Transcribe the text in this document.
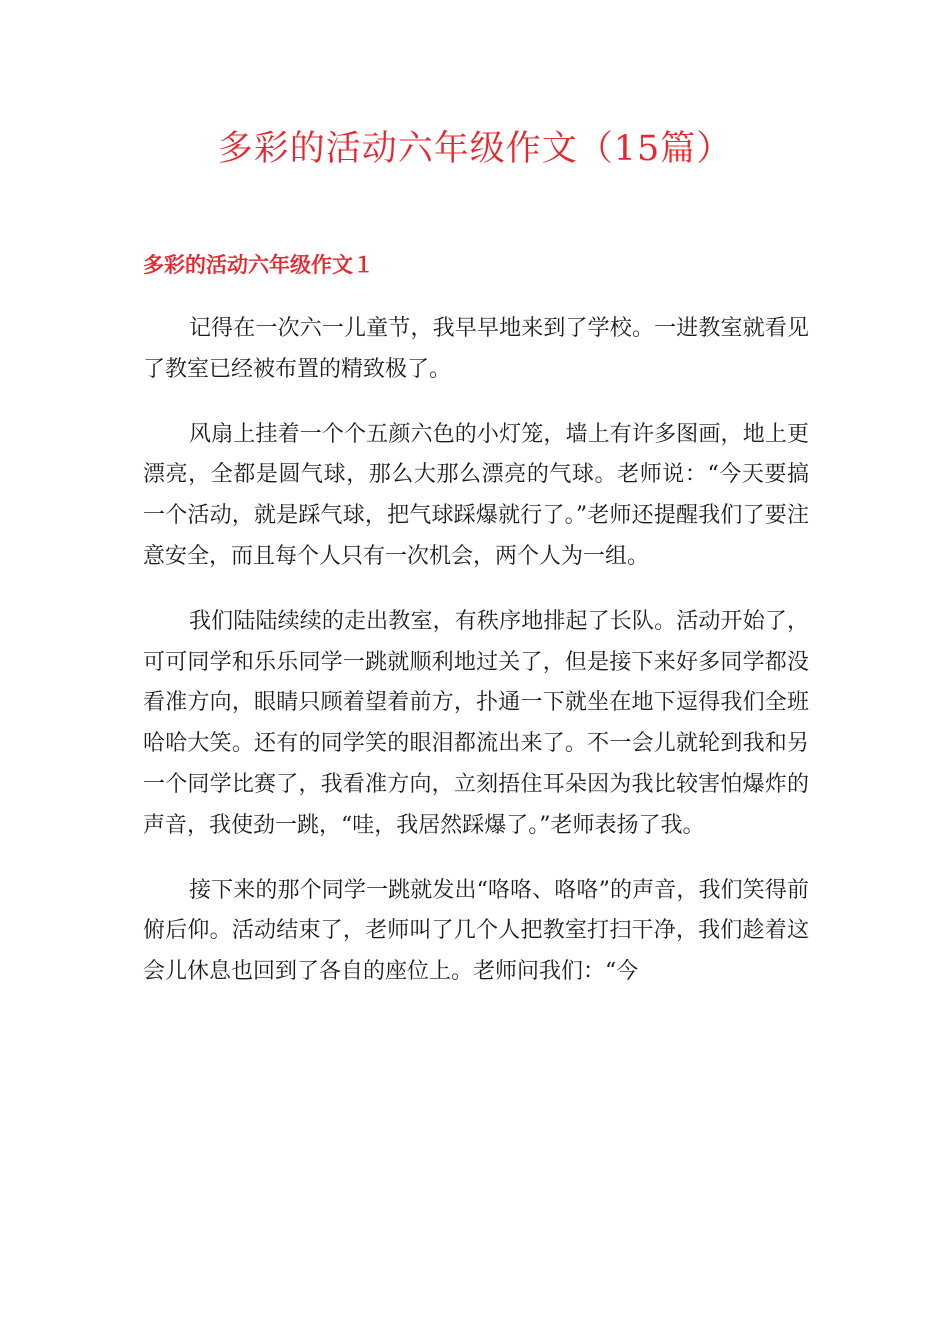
多彩的活动六年级作文（15篇）
多彩的活动六年级作文１

记得在一次六一儿童节，我早早地来到了学校。一进教室就看见了教室已经被布置的精致极了。

风扇上挂着一个个五颜六色的小灯笼，墙上有许多图画，地上更漂亮，全都是圆气球，那么大那么漂亮的气球。老师说：“今天要搞一个活动，就是踩气球，把气球踩爆就行了。”老师还提醒我们了要注意安全，而且每个人只有一次机会，两个人为一组。

我们陆陆续续的走出教室，有秩序地排起了长队。活动开始了，可可同学和乐乐同学一跳就顺利地过关了，但是接下来好多同学都没看准方向，眼睛只顾着望着前方，扑通一下就坐在地下逗得我们全班哈哈大笑。还有的同学笑的眼泪都流出来了。不一会儿就轮到我和另一个同学比赛了，我看准方向，立刻捂住耳朵因为我比较害怕爆炸的声音，我使劲一跳，“哇，我居然踩爆了。”老师表扬了我。

接下来的那个同学一跳就发出“咯咯、咯咯”的声音，我们笑得前俯后仰。活动结束了，老师叫了几个人把教室打扫干净，我们趁着这会儿休息也回到了各自的座位上。老师问我们：“今
